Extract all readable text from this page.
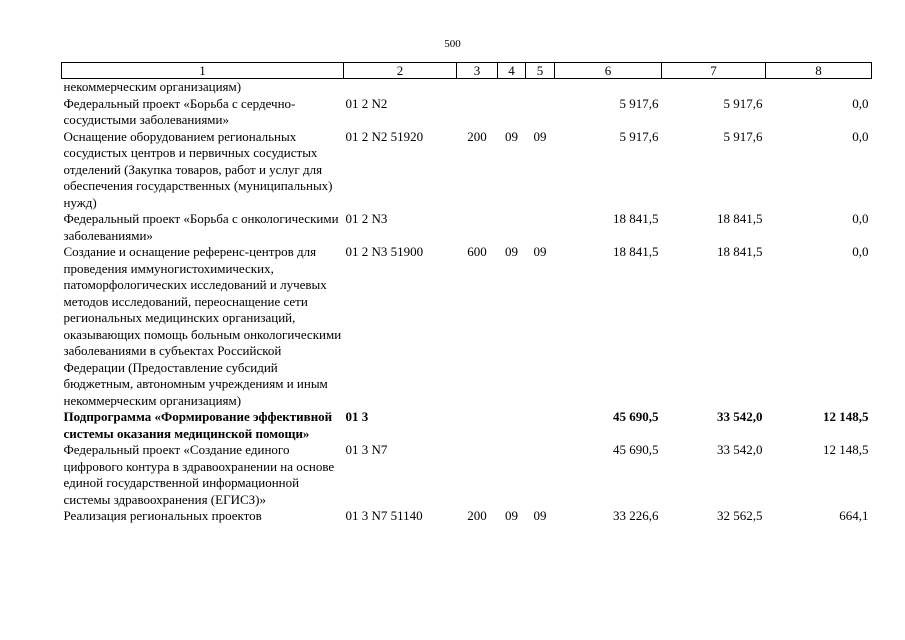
500
1	2	3	4	5	6	7	8
некоммерческим организациям)							
Федеральный проект «Борьба с сердечно-сосудистыми заболеваниями»	01 2 N2				5 917,6	5 917,6	0,0
Оснащение оборудованием региональных сосудистых центров и первичных сосудистых отделений (Закупка товаров, работ и услуг для обеспечения государственных (муниципальных) нужд)	01 2 N2 51920	200	09	09	5 917,6	5 917,6	0,0
Федеральный проект «Борьба с онкологическими заболеваниями»	01 2 N3				18 841,5	18 841,5	0,0
Создание и оснащение референс-центров для проведения иммуногистохимических, патоморфологических исследований и лучевых методов исследований, переоснащение сети региональных медицинских организаций, оказывающих помощь больным онкологическими заболеваниями в субъектах Российской Федерации (Предоставление субсидий бюджетным, автономным учреждениям и иным некоммерческим организациям)	01 2 N3 51900	600	09	09	18 841,5	18 841,5	0,0
Подпрограмма «Формирование эффективной системы оказания медицинской помощи»	01 3				45 690,5	33 542,0	12 148,5
Федеральный проект «Создание единого цифрового контура в здравоохранении на основе единой государственной информационной системы здравоохранения (ЕГИСЗ)»	01 3 N7				45 690,5	33 542,0	12 148,5
Реализация региональных проектов	01 3 N7 51140	200	09	09	33 226,6	32 562,5	664,1
